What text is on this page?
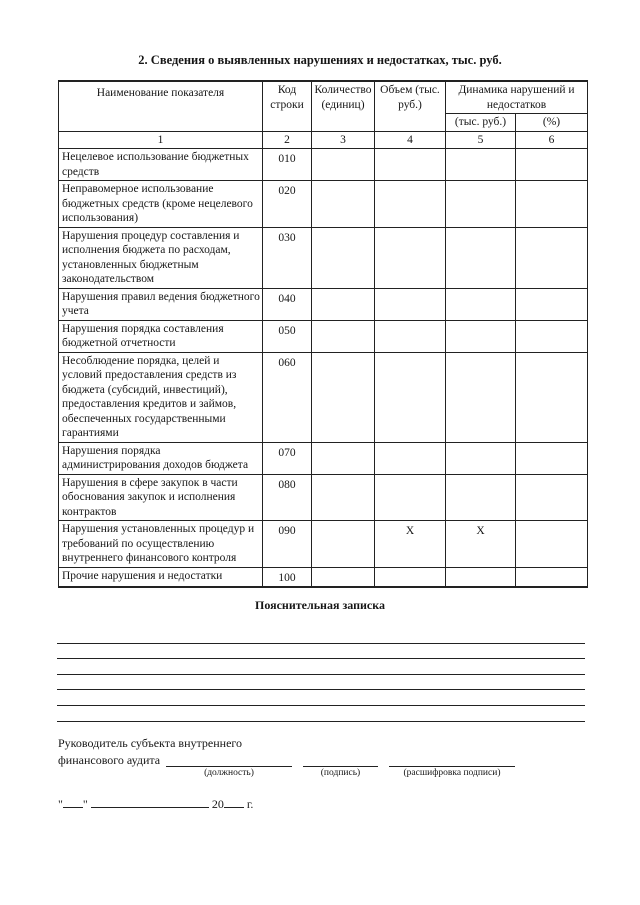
2. Сведения о выявленных нарушениях и недостатках, тыс. руб.
Наименование показателя	Код строки	Количество (единиц)	Объем (тыс. руб.)	Динамика нарушений и недостатков	
				(тыс. руб.)	(%)
1	2	3	4	5	6
Нецелевое использование бюджетных средств	010				
Неправомерное использование бюджетных средств (кроме нецелевого использования)	020				
Нарушения процедур составления и исполнения бюджета по расходам, установленных бюджетным законодательством	030				
Нарушения правил ведения бюджетного учета	040				
Нарушения порядка составления бюджетной отчетности	050				
Несоблюдение порядка, целей и условий предоставления средств из бюджета (субсидий, инвестиций), предоставления кредитов и займов, обеспеченных государственными гарантиями	060				
Нарушения порядка администрирования доходов бюджета	070				
Нарушения в сфере закупок в части обоснования закупок и исполнения контрактов	080				
Нарушения установленных процедур и требований по осуществлению внутреннего финансового контроля	090		X	X	
Прочие нарушения и недостатки	100				
Пояснительная записка
Руководитель субъекта внутреннего финансового аудита
(должность)	(подпись)	(расшифровка подписи)
" "	20 г.
